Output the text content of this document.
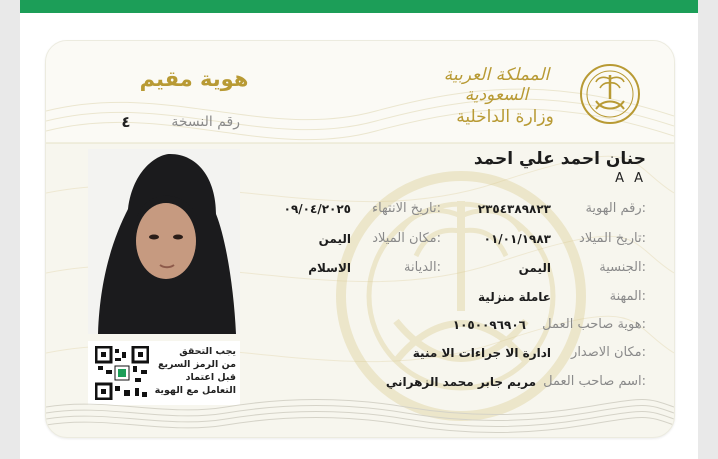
هوية مقيم
رقم النسخة
٤
المملكة العربية السعودية
وزارة الداخلية
يجب التحقق
من الرمز السريع
قبل اعتماد
التعامل مع الهوية
حنان احمد علي احمد
A A
رقم الهوية:
٢٣٥٤٣٨٩٨٢٣
تاريخ الميلاد:
٠١/٠١/١٩٨٣
الجنسية:
اليمن
المهنة:
عاملة منزلية
هوية صاحب العمل:
١٠٥٠٠٩٦٩٠٦
مكان الاصدار:
ادارة الا جراءات الا منية
اسم صاحب العمل:
مريم جابر محمد الزهراني
تاريخ الانتهاء:
٠٩/٠٤/٢٠٢٥
مكان الميلاد:
اليمن
الديانة:
الاسلام
